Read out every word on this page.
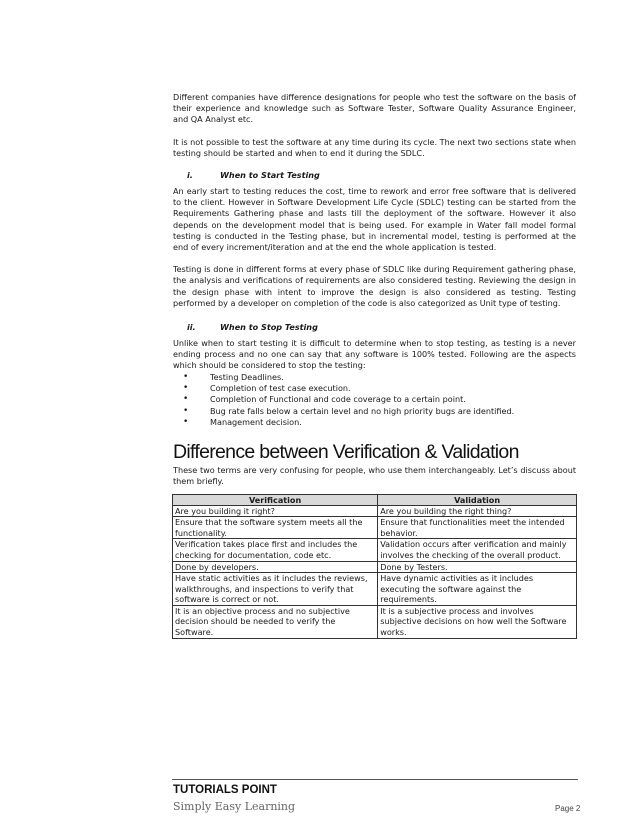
Different companies have difference designations for people who test the software on the basis of their experience and knowledge such as Software Tester, Software Quality Assurance Engineer, and QA Analyst etc.

It is not possible to test the software at any time during its cycle. The next two sections state when testing should be started and when to end it during the SDLC.

i.	When to Start Testing

An early start to testing reduces the cost, time to rework and error free software that is delivered to the client. However in Software Development Life Cycle (SDLC) testing can be started from the Requirements Gathering phase and lasts till the deployment of the software. However it also depends on the development model that is being used. For example in Water fall model formal testing is conducted in the Testing phase, but in incremental model, testing is performed at the end of every increment/iteration and at the end the whole application is tested.

Testing is done in different forms at every phase of SDLC like during Requirement gathering phase, the analysis and verifications of requirements are also considered testing. Reviewing the design in the design phase with intent to improve the design is also considered as testing. Testing performed by a developer on completion of the code is also categorized as Unit type of testing.

ii.	When to Stop Testing

Unlike when to start testing it is difficult to determine when to stop testing, as testing is a never ending process and no one can say that any software is 100% tested. Following are the aspects which should be considered to stop the testing:

• Testing Deadlines.
• Completion of test case execution.
• Completion of Functional and code coverage to a certain point.
• Bug rate falls below a certain level and no high priority bugs are identified.
• Management decision.
Difference between Verification & Validation

These two terms are very confusing for people, who use them interchangeably. Let’s discuss about them briefly.

Verification	Validation
Are you building it right?	Are you building the right thing?
Ensure that the software system meets all the functionality.	Ensure that functionalities meet the intended behavior.
Verification takes place first and includes the checking for documentation, code etc.	Validation occurs after verification and mainly involves the checking of the overall product.
Done by developers.	Done by Testers.
Have static activities as it includes the reviews, walkthroughs, and inspections to verify that software is correct or not.	Have dynamic activities as it includes executing the software against the requirements.
It is an objective process and no subjective decision should be needed to verify the Software.	It is a subjective process and involves subjective decisions on how well the Software works.
TUTORIALS POINT
Simply Easy Learning	Page 2
